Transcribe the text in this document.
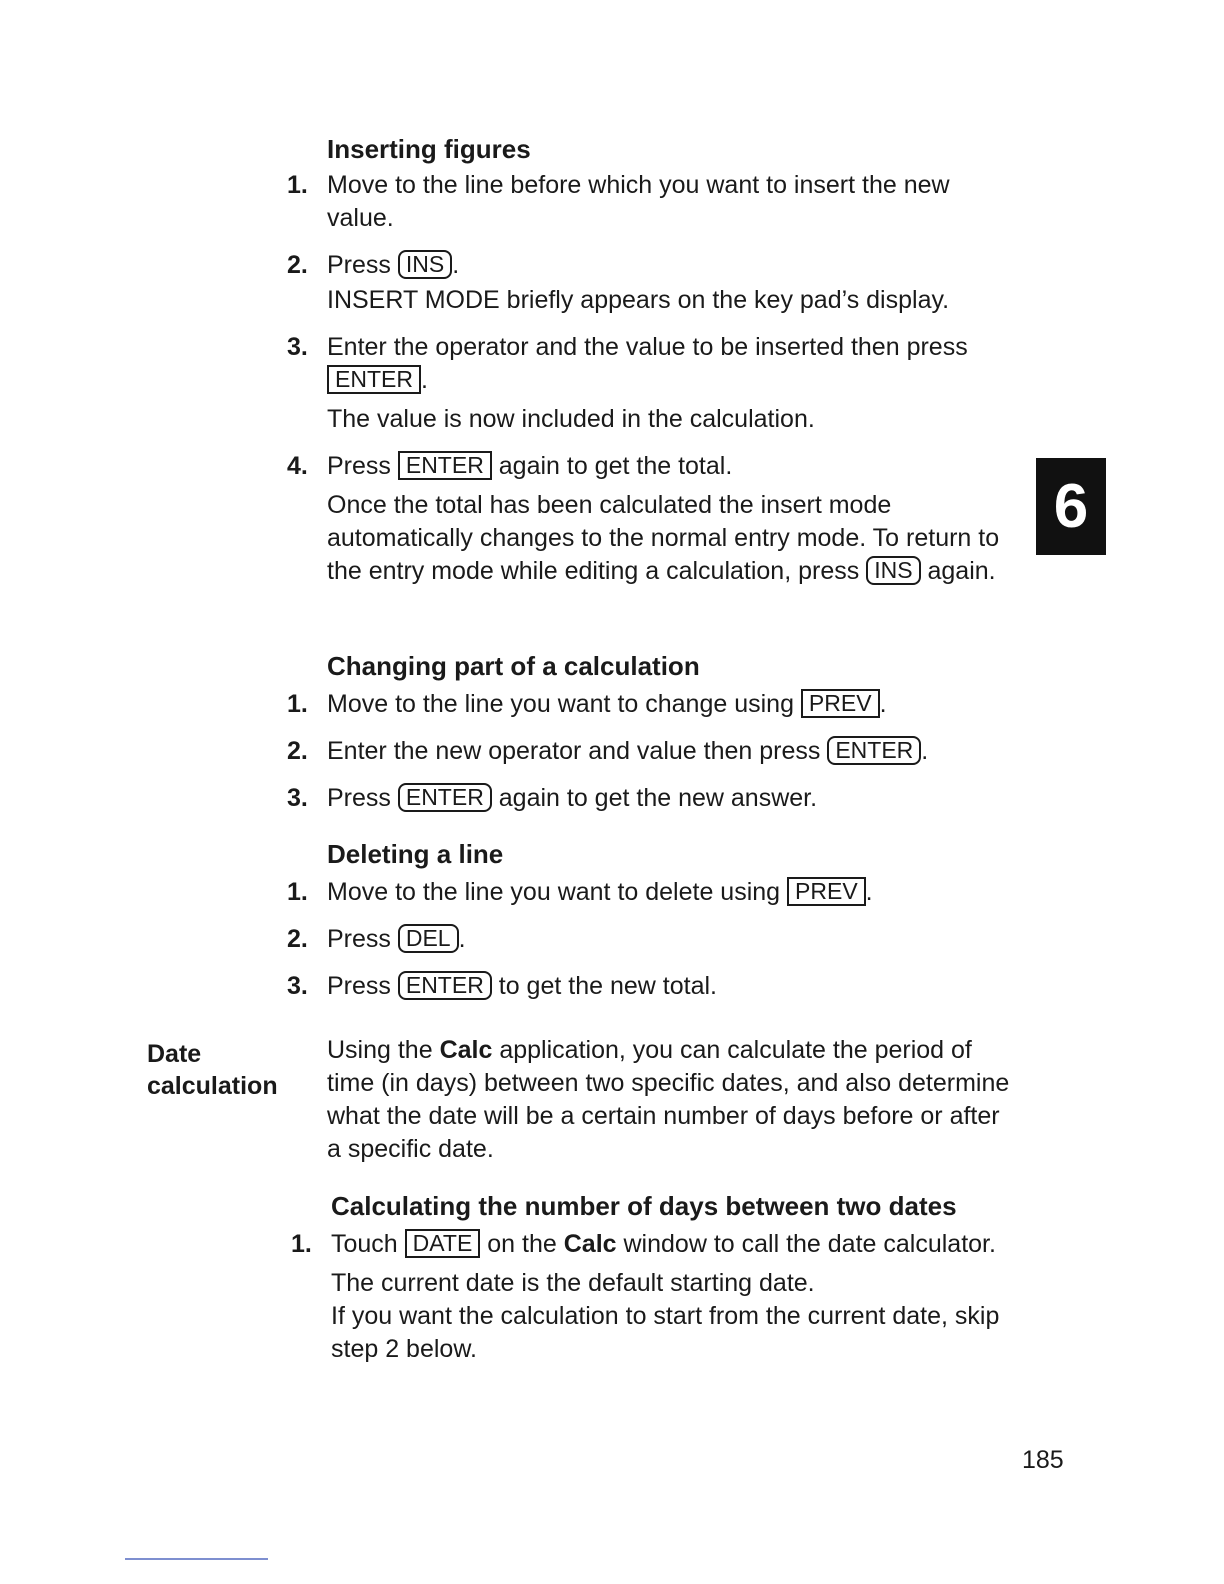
6

Inserting figures

1. Move to the line before which you want to insert the new value.
2. Press INS .

INSERT MODE briefly appears on the key pad’s display.

3. Enter the operator and the value to be inserted then press ENTER .

The value is now included in the calculation.

4. Press ENTER again to get the total.

Once the total has been calculated the insert mode automatically changes to the normal entry mode. To return to the entry mode while editing a calculation, press INS again.

Changing part of a calculation

1. Move to the line you want to change using PREV .
2. Enter the new operator and value then press ENTER .
3. Press ENTER again to get the new answer.

Deleting a line

1. Move to the line you want to delete using PREV .
2. Press DEL .
3. Press ENTER to get the new total.
Date
calculation

Using the Calc application, you can calculate the period of time (in days) between two specific dates, and also determine what the date will be a certain number of days before or after a specific date.

Calculating the number of days between two dates

1. Touch DATE on the Calc window to call the date calculator.

The current date is the default starting date.

If you want the calculation to start from the current date, skip step 2 below.

185
